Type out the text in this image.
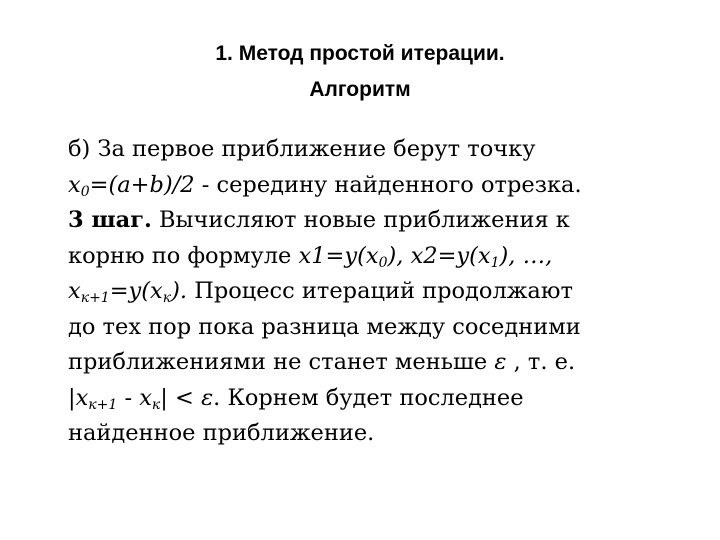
1. Метод простой итерации.
Алгоритм
б) За первое приближение берут точку
$x_0=(a+b)/2$ - середину найденного отрезка.
3 шаг. Вычисляют новые приближения к
корню по формуле $x1=y(x_0)$, $x2=y(x_1)$, …,
$x_{к+1}=y(x_к)$. Процесс итераций продолжают
до тех пор пока разница между соседними
приближениями не станет меньше ε , т. е.
$|x_{к+1} - x_к| < \varepsilon$. Корнем будет последнее
найденное приближение.
